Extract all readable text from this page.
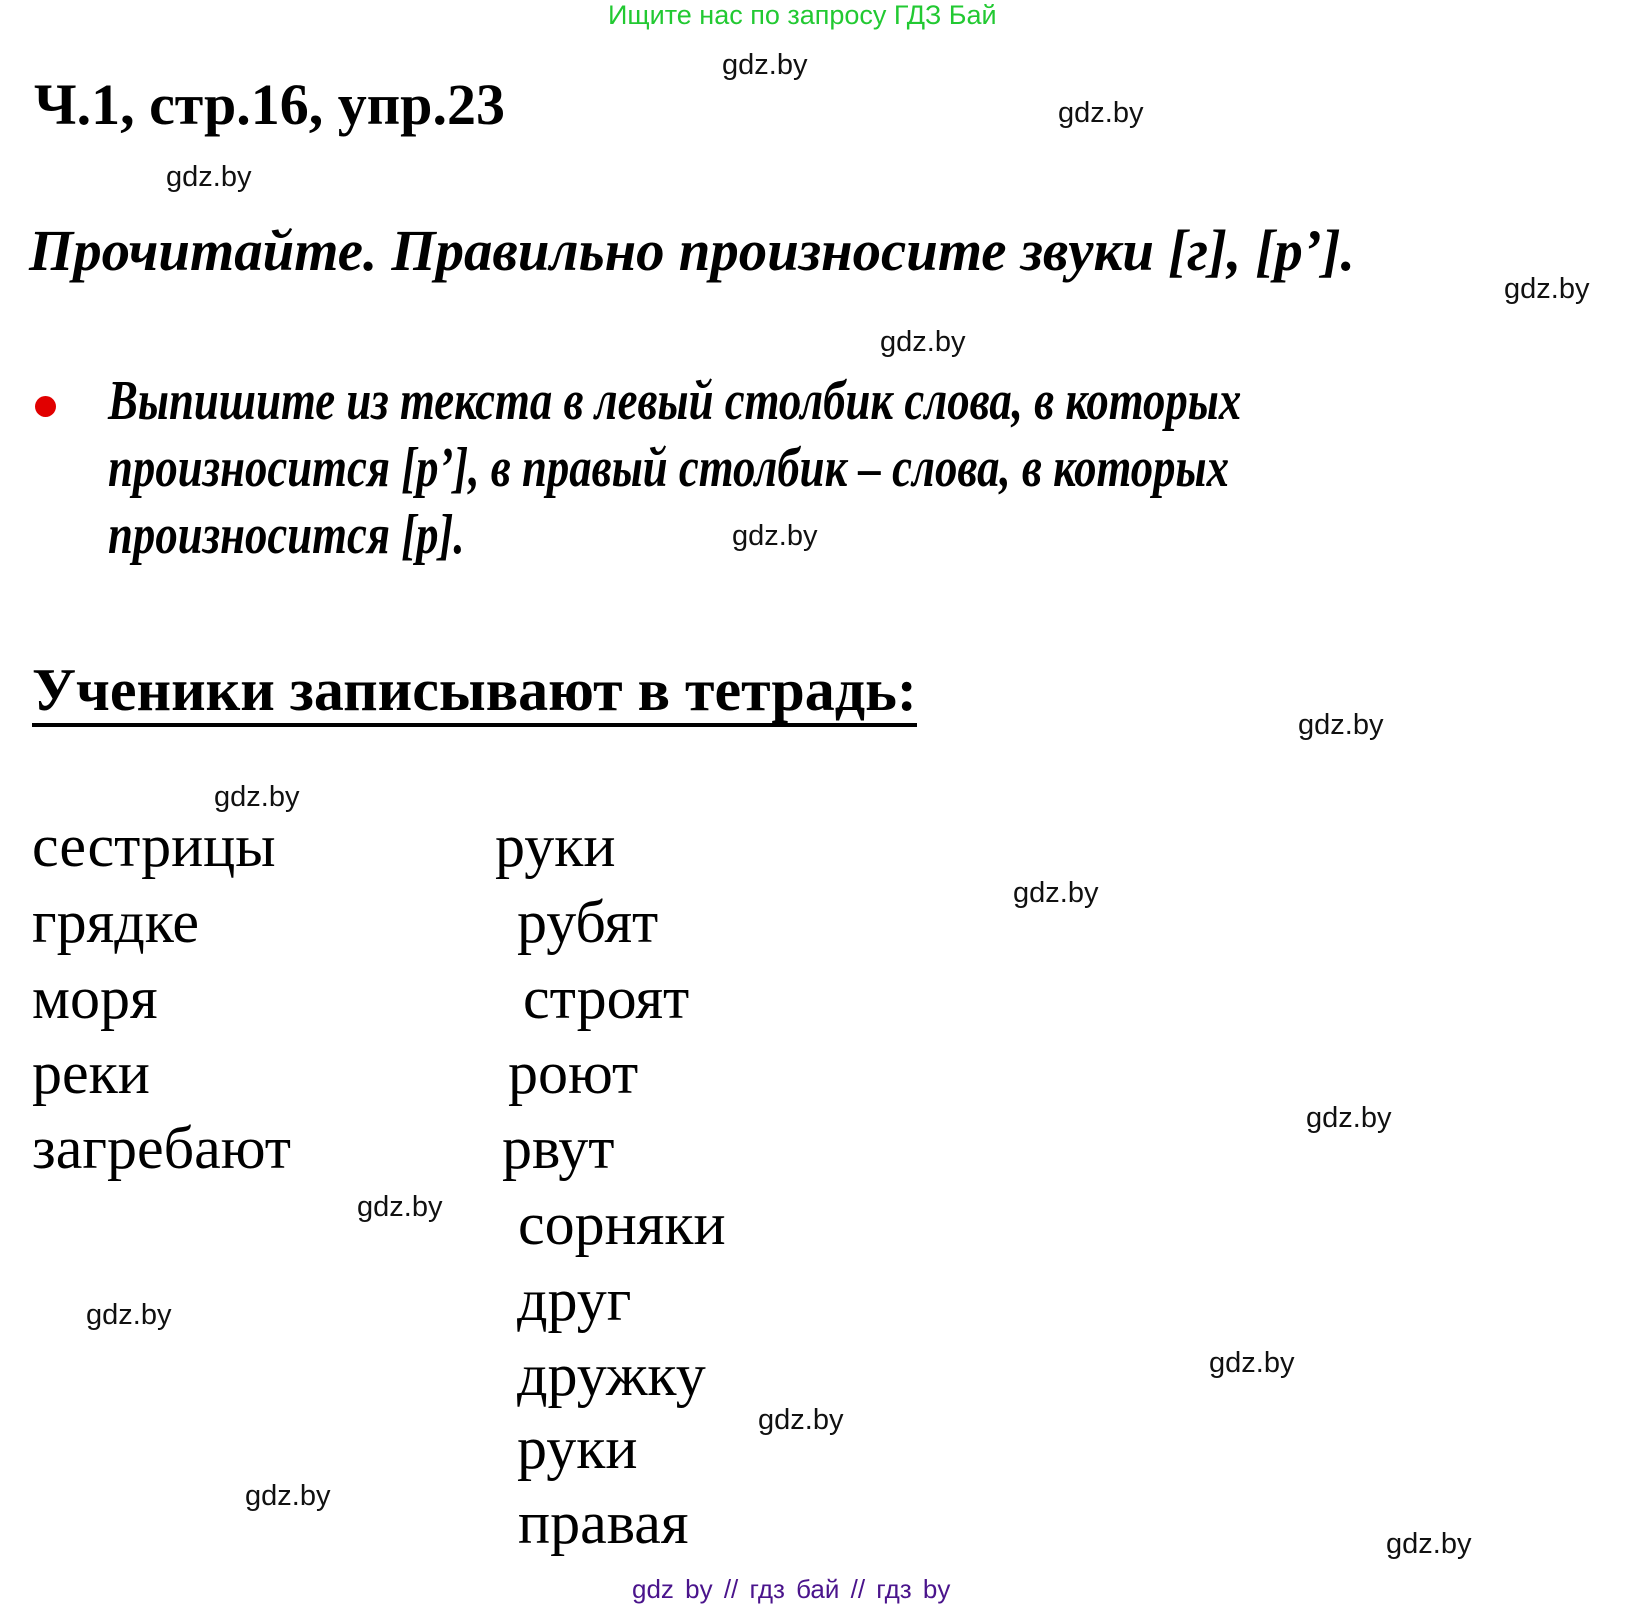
Ищите нас по запросу ГДЗ Бай
Ч.1, стр.16, упр.23
Прочитайте. Правильно произносите звуки [г], [р’].
Выпишите из текста в левый столбик слова, в которых
произносится [р’], в правый столбик – слова, в которых
произносится [р].
Ученики записывают в тетрадь:
сестрицы
грядке
моря
реки
загребают
руки
рубят
строят
роют
рвут
сорняки
друг
дружку
руки
правая
gdz.by
gdz.by
gdz.by
gdz.by
gdz.by
gdz.by
gdz.by
gdz.by
gdz.by
gdz.by
gdz.by
gdz.by
gdz.by
gdz.by
gdz.by
gdz.by
gdz by // гдз бай // гдз by
